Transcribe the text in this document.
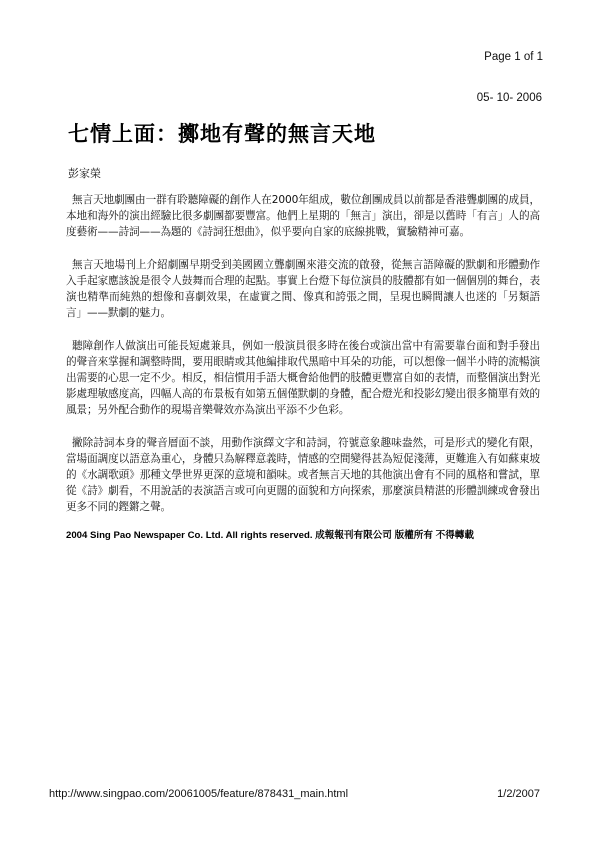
Page 1 of 1
05- 10- 2006
七情上面：擲地有聲的無言天地
彭家榮

無言天地劇團由一群有聆聽障礙的創作人在2000年組成，數位創團成員以前都是香港聾劇團的成員，本地和海外的演出經驗比很多劇團都要豐富。他們上星期的「無言」演出，卻是以舊時「有言」人的高度藝術——詩詞——為題的《詩詞狂想曲》，似乎要向自家的底線挑戰，實驗精神可嘉。

無言天地場刊上介紹劇團早期受到美國國立聾劇團來港交流的啟發，從無言語障礙的默劇和形體動作入手起家應該說是很令人鼓舞而合理的起點。事實上台燈下每位演員的肢體都有如一個個別的舞台，表演也精準而純熟的想像和喜劇效果，在虛實之間、像真和誇張之間，呈現也瞬間讓人也迷的「另類語言」——默劇的魅力。

聽障創作人做演出可能長短處兼具，例如一般演員很多時在後台或演出當中有需要靠台面和對手發出的聲音來掌握和調整時間，要用眼睛或其他編排取代黑暗中耳朵的功能，可以想像一個半小時的流暢演出需要的心思一定不少。相反，相信慣用手語大概會給他們的肢體更豐富自如的表情，而整個演出對光影處理敏感度高，四幅人高的布景板有如第五個僅默劇的身體，配合燈光和投影幻變出很多簡單有效的風景；另外配合動作的現場音樂聲效亦為演出平添不少色彩。

撇除詩詞本身的聲音層面不談，用動作演繹文字和詩詞，符號意象趣味盎然，可是形式的變化有限，當場面調度以語意為重心，身體只為解釋意義時，情感的空間變得甚為短促淺薄，更難進入有如蘇東坡的《水調歌頭》那種文學世界更深的意境和韻味。或者無言天地的其他演出會有不同的風格和嘗試，單從《詩》劇看，不用說話的表演語言或可向更闊的面貌和方向探索，那麼演員精湛的形體訓練或會發出更多不同的鏗鏘之聲。

2004 Sing Pao Newspaper Co. Ltd. All rights reserved. 成報報刊有限公司 版權所有 不得轉載
http://www.singpao.com/20061005/feature/878431_main.html	1/2/2007
